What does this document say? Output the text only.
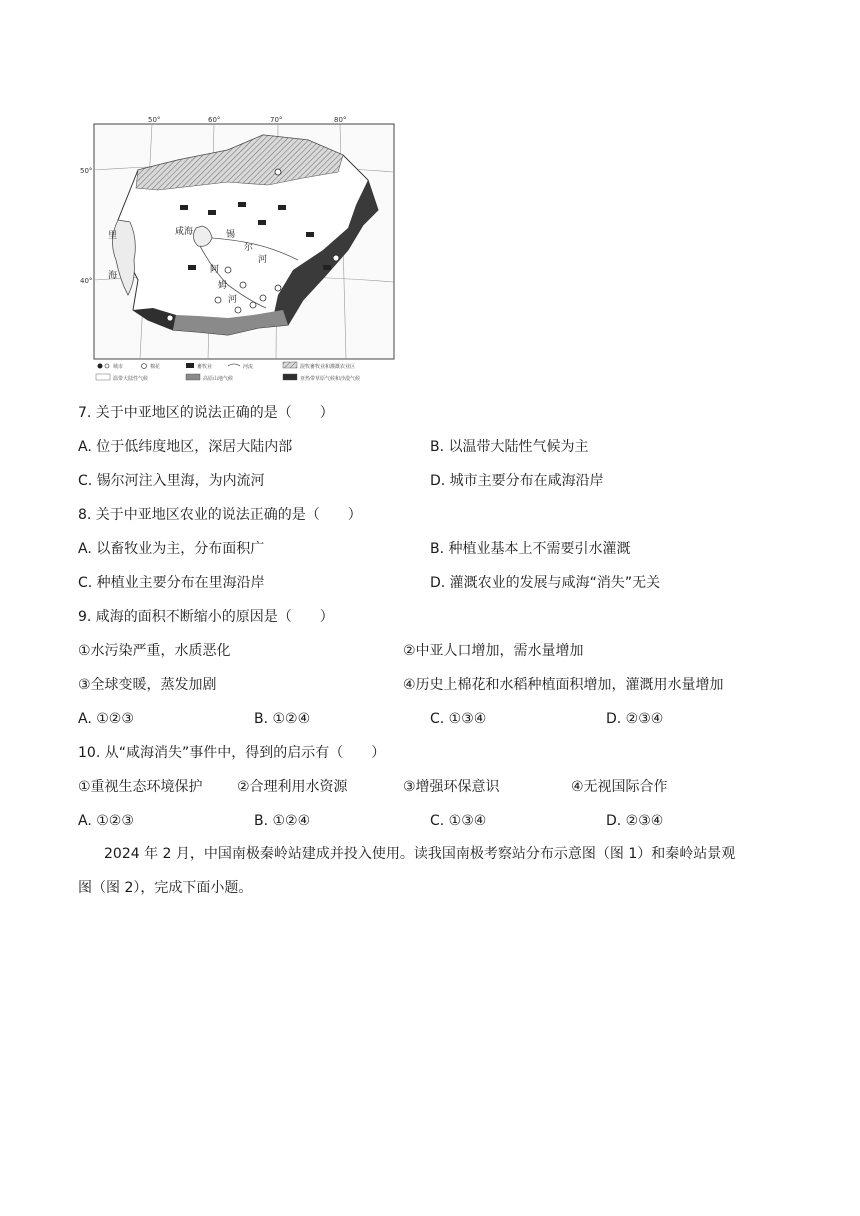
50°	60°	70°	80°
50°
40°
里
海
咸海	锡
尔
河
阿
姆
河
城市	棉花	畜牧业	河流	混牧畜牧业和灌溉农业区
温带大陆性气候	高原山地气候	亚热带草原气候和沙漠气候
7. 关于中亚地区的说法正确的是（　　）
A. 位于低纬度地区，深居大陆内部	B. 以温带大陆性气候为主
C. 锡尔河注入里海，为内流河	D. 城市主要分布在咸海沿岸
8. 关于中亚地区农业的说法正确的是（　　）
A. 以畜牧业为主，分布面积广	B. 种植业基本上不需要引水灌溉
C. 种植业主要分布在里海沿岸	D. 灌溉农业的发展与咸海“消失”无关
9. 咸海的面积不断缩小的原因是（　　）
①水污染严重，水质恶化	②中亚人口增加，需水量增加
③全球变暖，蒸发加剧	④历史上棉花和水稻种植面积增加，灌溉用水量增加
A. ①②③	B. ①②④	C. ①③④	D. ②③④
10. 从“咸海消失”事件中，得到的启示有（　　）
①重视生态环境保护 ②合理利用水资源	③增强环保意识	④无视国际合作
A. ①②③	B. ①②④	C. ①③④	D. ②③④
2024 年 2 月，中国南极秦岭站建成并投入使用。读我国南极考察站分布示意图（图 1）和秦岭站景观
图（图 2），完成下面小题。
